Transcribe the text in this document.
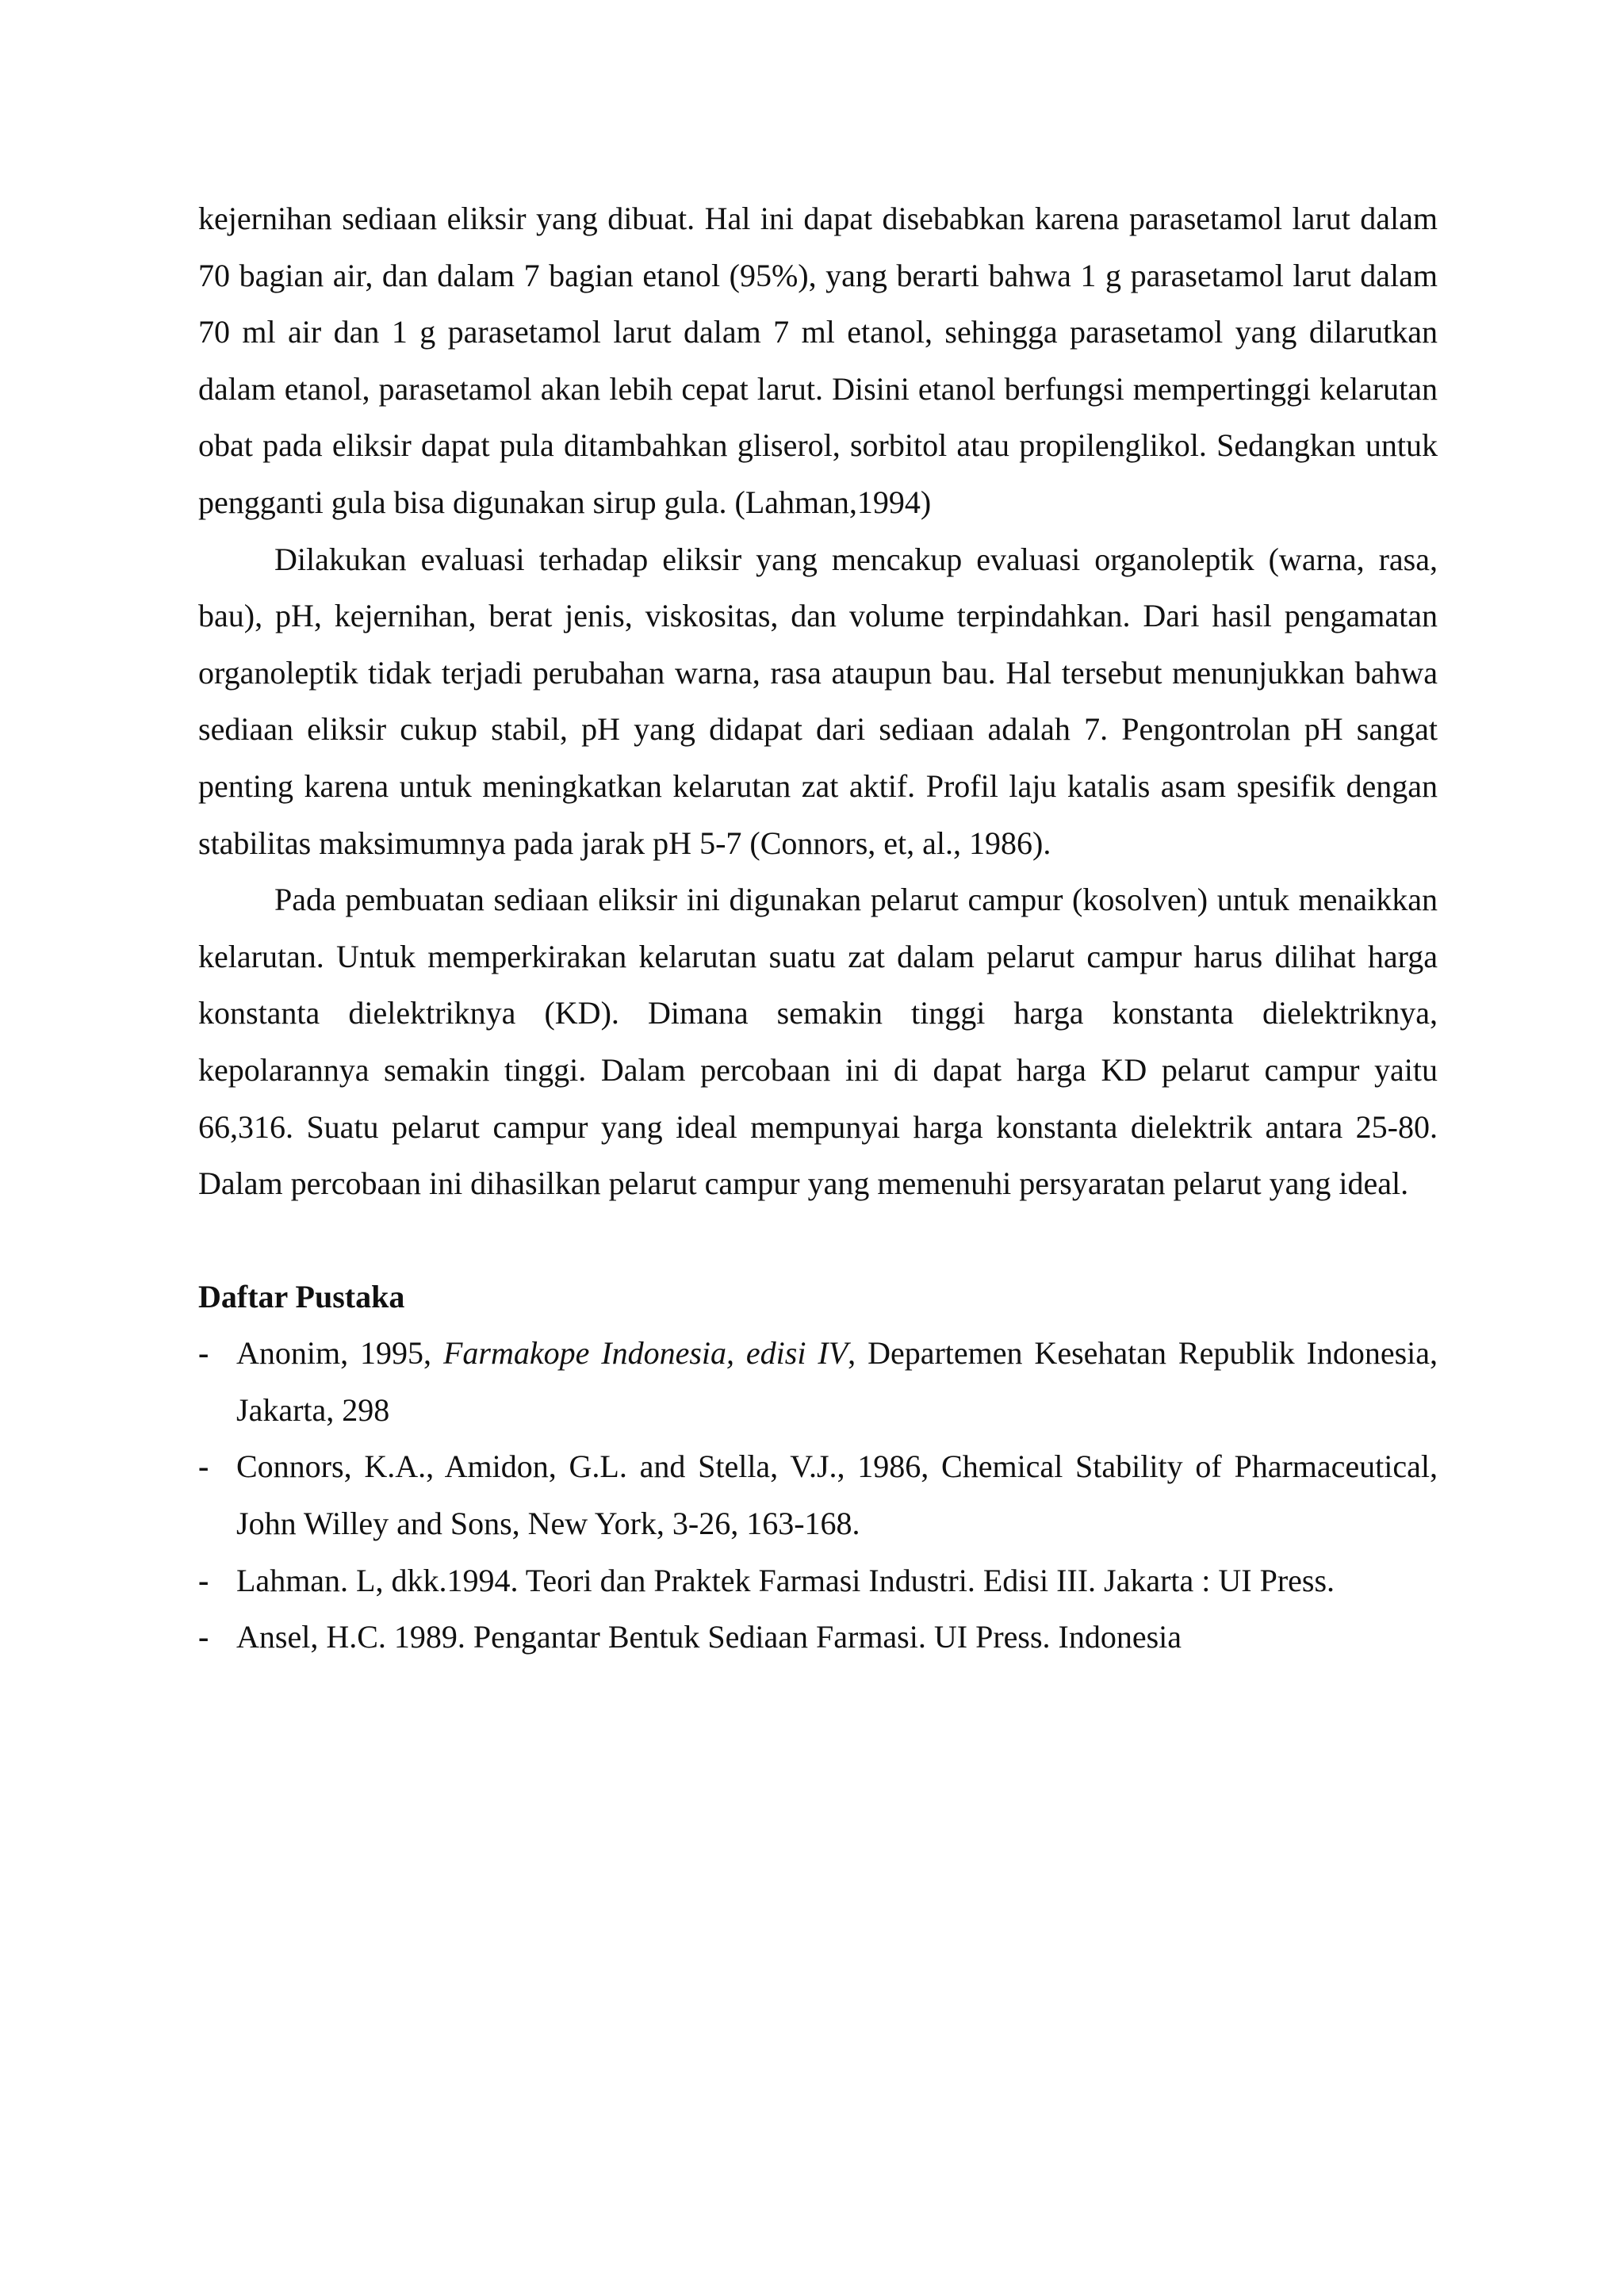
kejernihan sediaan eliksir yang dibuat. Hal ini dapat disebabkan karena parasetamol larut dalam 70 bagian air, dan dalam 7 bagian etanol (95%), yang berarti bahwa 1 g parasetamol larut dalam 70 ml air dan 1 g parasetamol larut dalam 7 ml etanol, sehingga parasetamol yang dilarutkan dalam etanol, parasetamol akan lebih cepat larut. Disini etanol berfungsi mempertinggi kelarutan obat pada eliksir dapat pula ditambahkan gliserol, sorbitol atau propilenglikol. Sedangkan untuk pengganti gula bisa digunakan sirup gula. (Lahman,1994)

Dilakukan evaluasi terhadap eliksir yang mencakup evaluasi organoleptik (warna, rasa, bau), pH, kejernihan, berat jenis, viskositas, dan volume terpindahkan. Dari hasil pengamatan organoleptik tidak terjadi perubahan warna, rasa ataupun bau. Hal tersebut menunjukkan bahwa sediaan eliksir cukup stabil, pH yang didapat dari sediaan adalah 7. Pengontrolan pH sangat penting karena untuk meningkatkan kelarutan zat aktif. Profil laju katalis asam spesifik dengan stabilitas maksimumnya pada jarak pH 5-7 (Connors, et, al., 1986).

Pada pembuatan sediaan eliksir ini digunakan pelarut campur (kosolven) untuk menaikkan kelarutan. Untuk memperkirakan kelarutan suatu zat dalam pelarut campur harus dilihat harga konstanta dielektriknya (KD). Dimana semakin tinggi harga konstanta dielektriknya, kepolarannya semakin tinggi. Dalam percobaan ini di dapat harga KD pelarut campur yaitu 66,316. Suatu pelarut campur yang ideal mempunyai harga konstanta dielektrik antara 25-80. Dalam percobaan ini dihasilkan pelarut campur yang memenuhi persyaratan pelarut yang ideal.

Daftar Pustaka
- Anonim, 1995, Farmakope Indonesia, edisi IV, Departemen Kesehatan Republik Indonesia, Jakarta, 298
- Connors, K.A., Amidon, G.L. and Stella, V.J., 1986, Chemical Stability of Pharmaceutical, John Willey and Sons, New York, 3-26, 163-168.
- Lahman. L, dkk.1994. Teori dan Praktek Farmasi Industri. Edisi III. Jakarta : UI Press.
- Ansel, H.C. 1989. Pengantar Bentuk Sediaan Farmasi. UI Press. Indonesia
